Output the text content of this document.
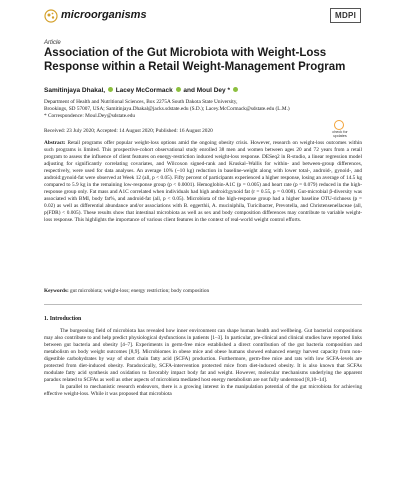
microorganisms	MDPI
Article
Association of the Gut Microbiota with Weight-Loss Response within a Retail Weight-Management Program
Samitinjaya Dhakal, Lacey McCormack and Moul Dey *
Department of Health and Nutritional Sciences, Box 2275A South Dakota State University,
Brookings, SD 57007, USA; Samitinjaya.Dhakal@jacks.sdstate.edu (S.D.); Lacey.McCormack@sdstate.edu (L.M.)
* Correspondence: Moul.Dey@sdstate.edu
Received: 23 July 2020; Accepted: 14 August 2020; Published: 16 August 2020	check for
updates
Abstract: Retail programs offer popular weight-loss options amid the ongoing obesity crisis. However, research on weight-loss outcomes within such programs is limited. This prospective-cohort observational study enrolled 38 men and women between ages 20 and 72 years from a retail program to assess the influence of client features on energy-restriction induced weight-loss response. DESeq2 in R-studio, a linear regression model adjusting for significantly correlating covariates, and Wilcoxon signed-rank and Kruskal–Wallis for within- and between-group differences, respectively, were used for data analyses. An average 10% (~10 kg) reduction in baseline-weight along with lower total-, android-, gynoid-, and android:gynoid-fat were observed at Week 12 (all, p < 0.05). Fifty percent of participants experienced a higher response, losing an average of 14.5 kg compared to 5.9 kg in the remaining low-response group (p < 0.0001). Hemoglobin-A1C (p = 0.005) and heart rate (p = 0.079) reduced in the high-response group only. Fat mass and A1C correlated when individuals had high android:gynoid fat (r = 0.55, p = 0.008). Gut-microbial β-diversity was associated with BMI, body fat%, and android-fat (all, p < 0.05). Microbiota of the high-response group had a higher baseline OTU-richness (p = 0.02) as well as differential abundance and/or associations with B. eggerthii, A. muciniphila, Turicibacter, Prevotella, and Christensenellaceae (all, p(FDR) < 0.005). These results show that intestinal microbiota as well as sex and body composition differences may contribute to variable weight-loss response. This highlights the importance of various client features in the context of real-world weight control efforts.
Keywords: gut microbiota; weight-loss; energy restriction; body composition
1. Introduction

The burgeoning field of microbiota has revealed how inner environment can shape human health and wellbeing. Gut bacterial compositions may also contribute to and help predict physiological dysfunctions in patients [1–3]. In particular, pre-clinical and clinical studies have reported links between gut bacteria and obesity [4–7]. Experiments in germ-free mice established a direct contribution of the gut bacteria composition and metabolism on body weight outcomes [8,9]. Microbiomes in obese mice and obese humans showed enhanced energy harvest capacity from non-digestible carbohydrates by way of short chain fatty acid (SCFA) production. Furthermore, germ-free mice and rats with low SCFA-levels are protected from diet-induced obesity. Paradoxically, SCFA-intervention protected mice from diet-induced obesity. It is also known that SCFAs modulate fatty acid synthesis and oxidation to favorably impact body fat and weight. However, molecular mechanisms underlying the apparent paradox related to SCFAs as well as other aspects of microbiota mediated host energy metabolism are not fully understood [8,10–14].

In parallel to mechanistic research endeavors, there is a growing interest in the manipulation potential of the gut microbiota for achieving effective weight-loss. While it was proposed that microbiota
